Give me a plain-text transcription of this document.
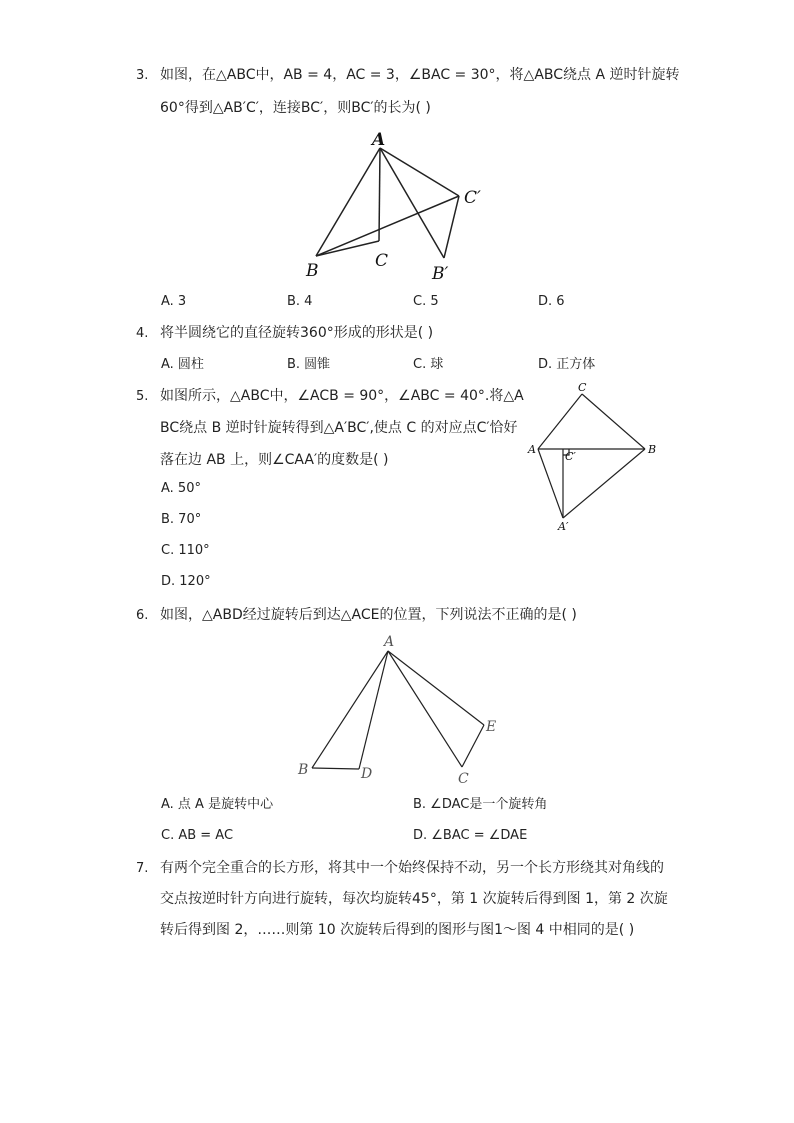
3. 如图，在△ABC中，AB = 4，AC = 3，∠BAC = 30°，将△ABC绕点 A 逆时针旋转
60°得到△AB′C′，连接BC′，则BC′的长为( )
A
B	C
C′
B′
A. 3	B. 4	C. 5	D. 6
4. 将半圆绕它的直径旋转360°形成的形状是( )
A. 圆柱	B. 圆锥	C. 球	D. 正方体
5. 如图所示，△ABC中，∠ACB = 90°，∠ABC = 40°.将△A
BC绕点 B 逆时针旋转得到△A′BC′,使点 C 的对应点C′恰好
落在边 AB 上，则∠CAA′的度数是( )
C
A	B
C′
A′
A. 50°
B. 70°
C. 110°
D. 120°
6. 如图，△ABD经过旋转后到达△ACE的位置，下列说法不正确的是( )
A
B	D
E
C
A. 点 A 是旋转中心	B. ∠DAC是一个旋转角
C. AB = AC	D. ∠BAC = ∠DAE
7. 有两个完全重合的长方形，将其中一个始终保持不动，另一个长方形绕其对角线的
交点按逆时针方向进行旋转，每次均旋转45°，第 1 次旋转后得到图 1，第 2 次旋
转后得到图 2，……则第 10 次旋转后得到的图形与图1～图 4 中相同的是( )
